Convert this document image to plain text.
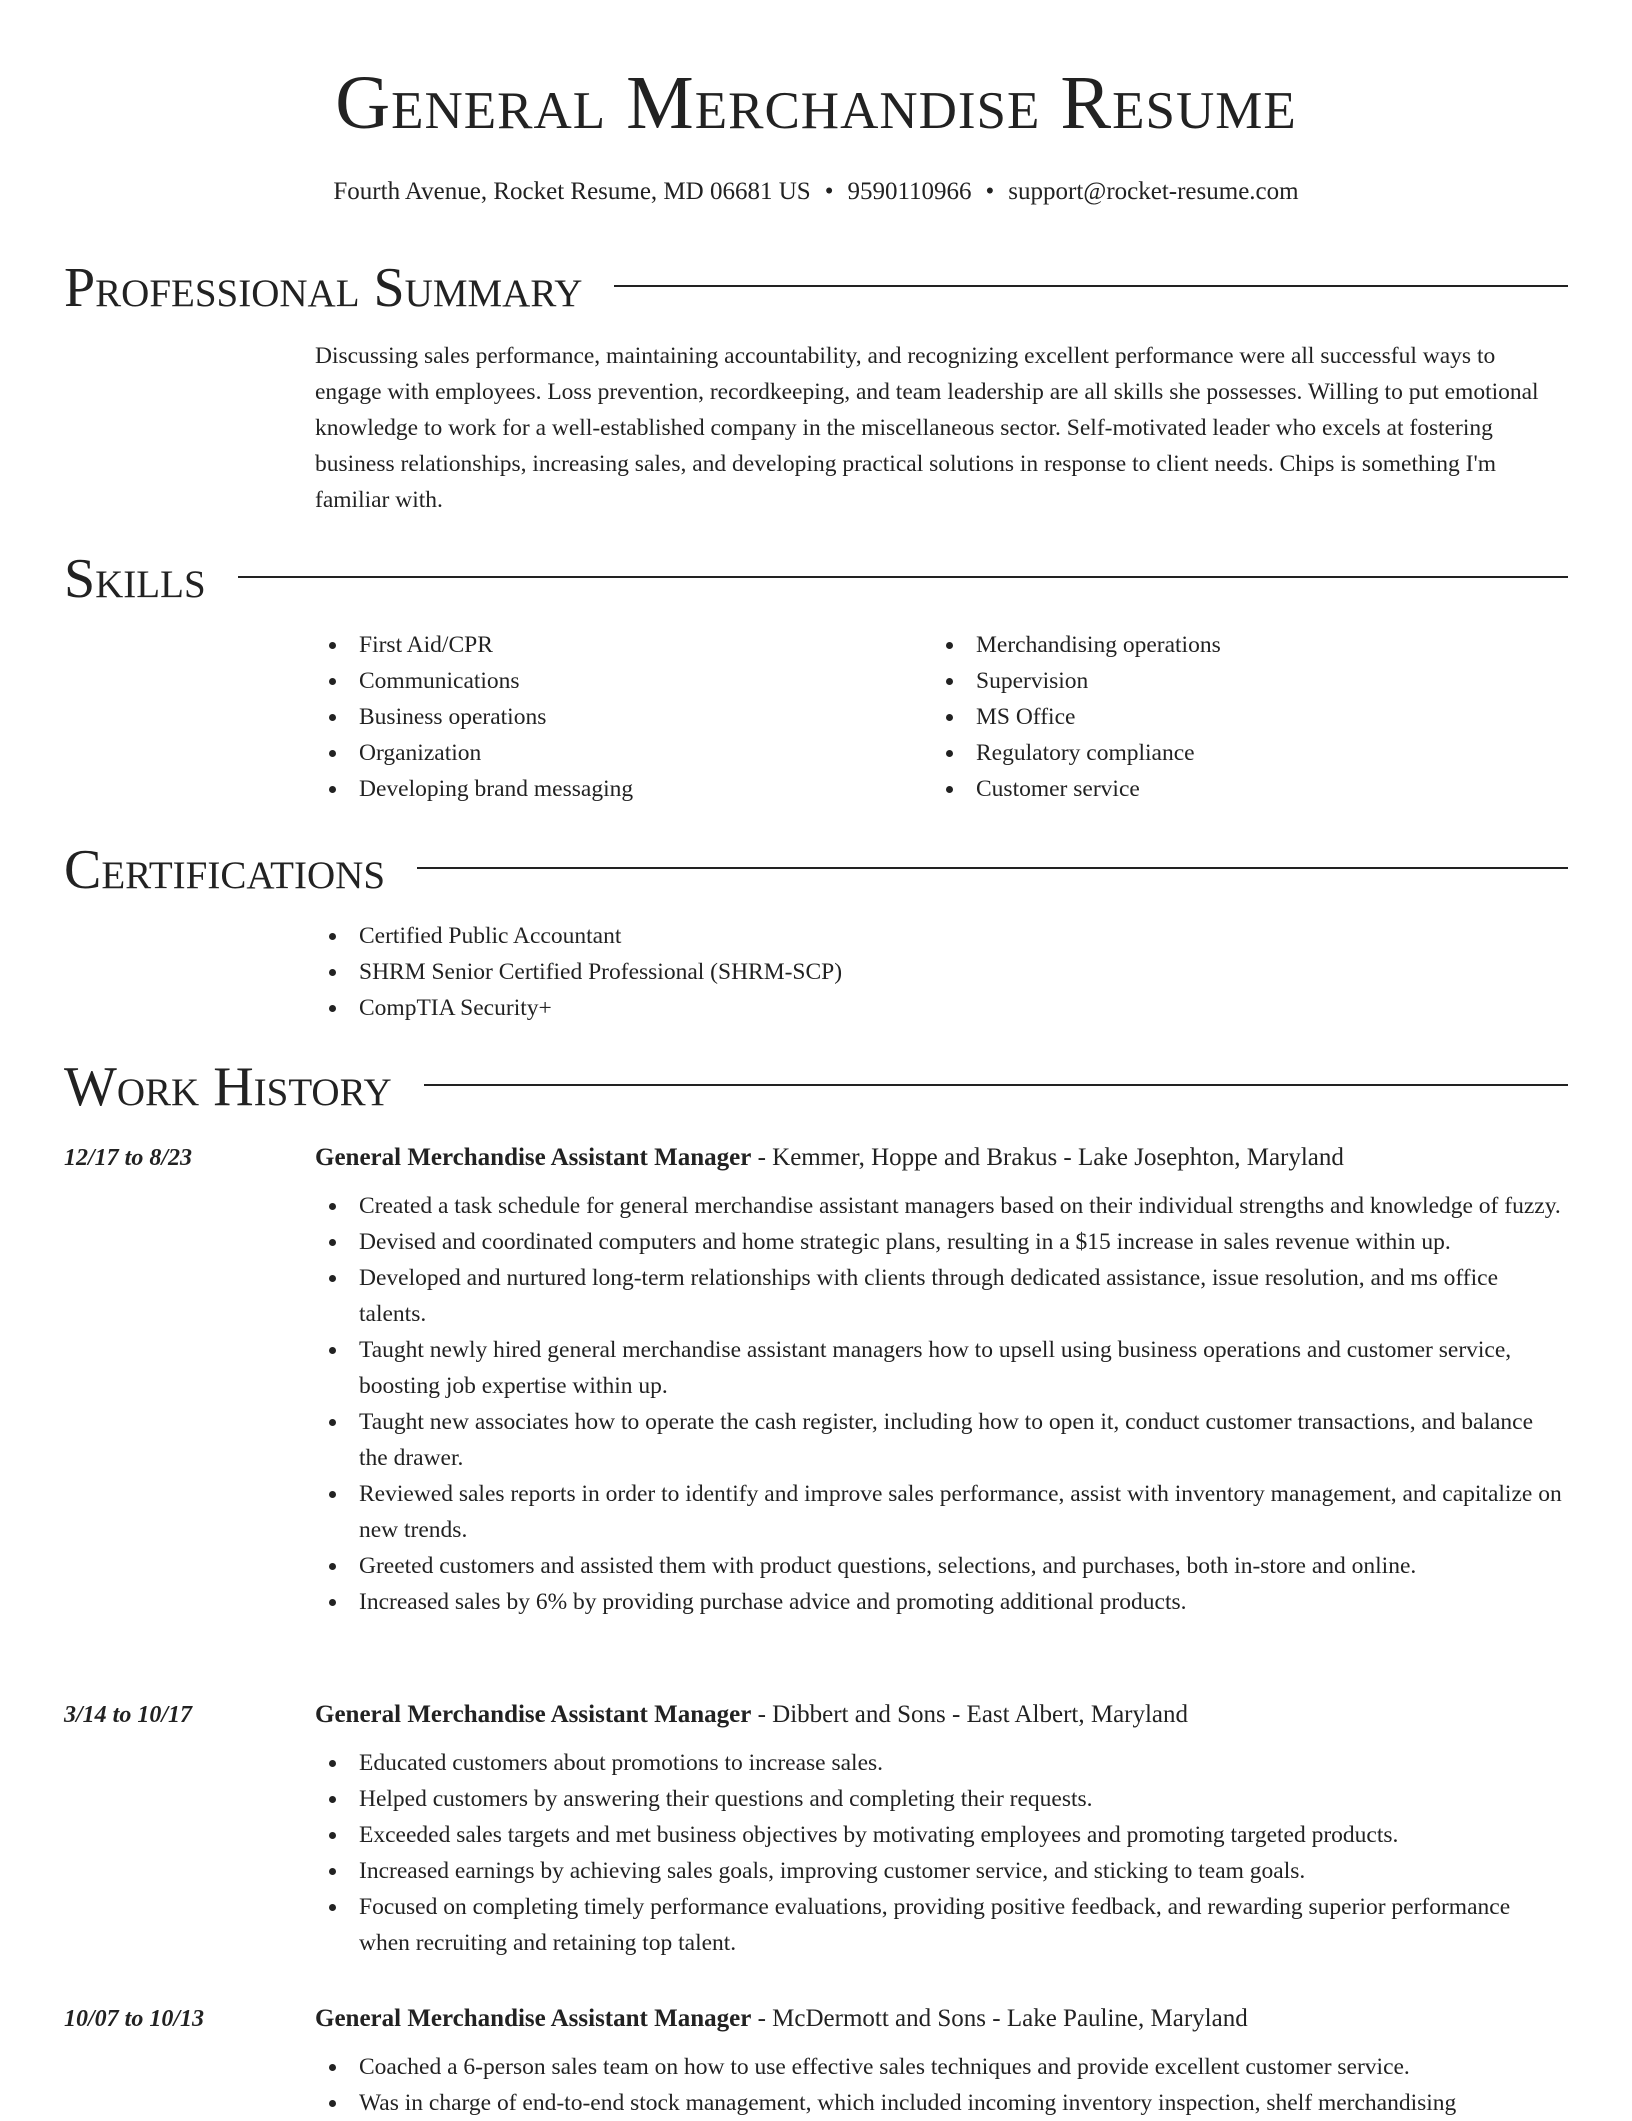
General Merchandise Resume
Fourth Avenue, Rocket Resume, MD 06681 US • 9590110966 • support@rocket-resume.com
Professional Summary

Discussing sales performance, maintaining accountability, and recognizing excellent performance were all successful ways to engage with employees. Loss prevention, recordkeeping, and team leadership are all skills she possesses. Willing to put emotional knowledge to work for a well-established company in the miscellaneous sector. Self-motivated leader who excels at fostering business relationships, increasing sales, and developing practical solutions in response to client needs. Chips is something I'm familiar with.

Skills
First Aid/CPR
Communications
Business operations
Organization
Developing brand messaging
Merchandising operations
Supervision
MS Office
Regulatory compliance
Customer service
Certifications
Certified Public Accountant
SHRM Senior Certified Professional (SHRM-SCP)
CompTIA Security+
Work History
12/17 to 8/23	General Merchandise Assistant Manager - Kemmer, Hoppe and Brakus - Lake Josephton, Maryland
Created a task schedule for general merchandise assistant managers based on their individual strengths and knowledge of fuzzy.
Devised and coordinated computers and home strategic plans, resulting in a $15 increase in sales revenue within up.
Developed and nurtured long-term relationships with clients through dedicated assistance, issue resolution, and ms office talents.
Taught newly hired general merchandise assistant managers how to upsell using business operations and customer service, boosting job expertise within up.
Taught new associates how to operate the cash register, including how to open it, conduct customer transactions, and balance the drawer.
Reviewed sales reports in order to identify and improve sales performance, assist with inventory management, and capitalize on new trends.
Greeted customers and assisted them with product questions, selections, and purchases, both in-store and online.
Increased sales by 6% by providing purchase advice and promoting additional products.
3/14 to 10/17	General Merchandise Assistant Manager - Dibbert and Sons - East Albert, Maryland
Educated customers about promotions to increase sales.
Helped customers by answering their questions and completing their requests.
Exceeded sales targets and met business objectives by motivating employees and promoting targeted products.
Increased earnings by achieving sales goals, improving customer service, and sticking to team goals.
Focused on completing timely performance evaluations, providing positive feedback, and rewarding superior performance when recruiting and retaining top talent.
10/07 to 10/13	General Merchandise Assistant Manager - McDermott and Sons - Lake Pauline, Maryland
Coached a 6-person sales team on how to use effective sales techniques and provide excellent customer service.
Was in charge of end-to-end stock management, which included incoming inventory inspection, shelf merchandising
